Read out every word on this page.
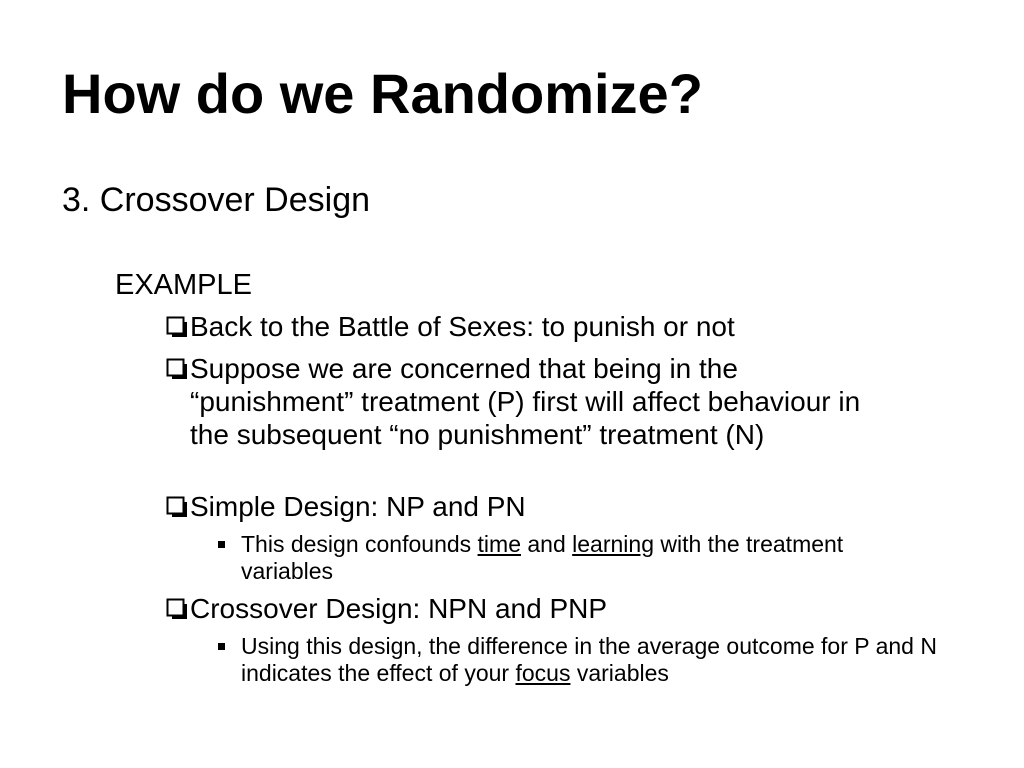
How do we Randomize?
3. Crossover Design
EXAMPLE
Back to the Battle of Sexes: to punish or not
Suppose we are concerned that being in the “punishment” treatment (P) first will affect behaviour in the subsequent “no punishment” treatment (N)
Simple Design: NP and PN
This design confounds time and learning with the treatment variables
Crossover Design: NPN and PNP
Using this design, the difference in the average outcome for P and N indicates the effect of your focus variables
